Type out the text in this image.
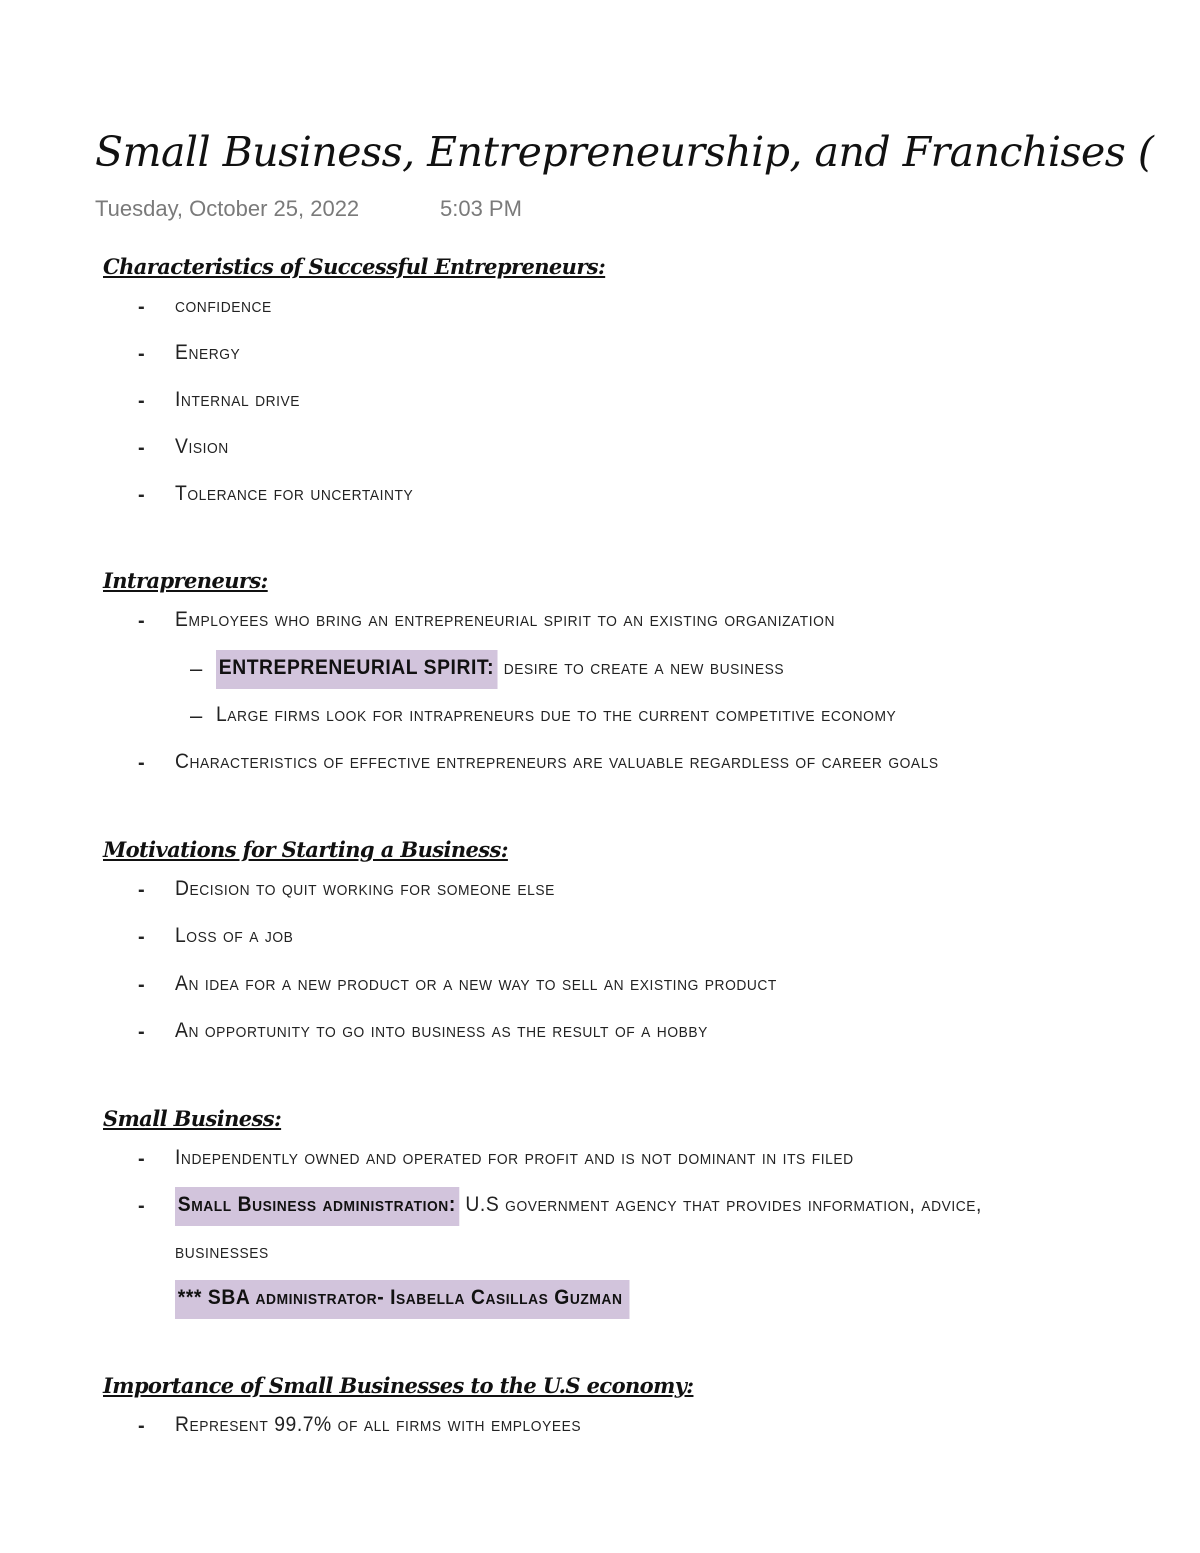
Small Business, Entrepreneurship, and Franchises (
Tuesday, October 25, 2022	5:03 PM
Characteristics of Successful Entrepreneurs:
- confidence
- Energy
- Internal drive
- Vision
- Tolerance for uncertainty
Intrapreneurs:
- Employees who bring an entrepreneurial spirit to an existing organization
– ENTREPRENEURIAL SPIRIT: desire to create a new business
– Large firms look for intrapreneurs due to the current competitive economy
- Characteristics of effective entrepreneurs are valuable regardless of career goals
Motivations for Starting a Business:
- Decision to quit working for someone else
- Loss of a job
- An idea for a new product or a new way to sell an existing product
- An opportunity to go into business as the result of a hobby
Small Business:
- Independently owned and operated for profit and is not dominant in its filed
- Small Business administration: U.S government agency that provides information, advice,
businesses
*** SBA administrator- Isabella Casillas Guzman
Importance of Small Businesses to the U.S economy:
- Represent 99.7% of all firms with employees
